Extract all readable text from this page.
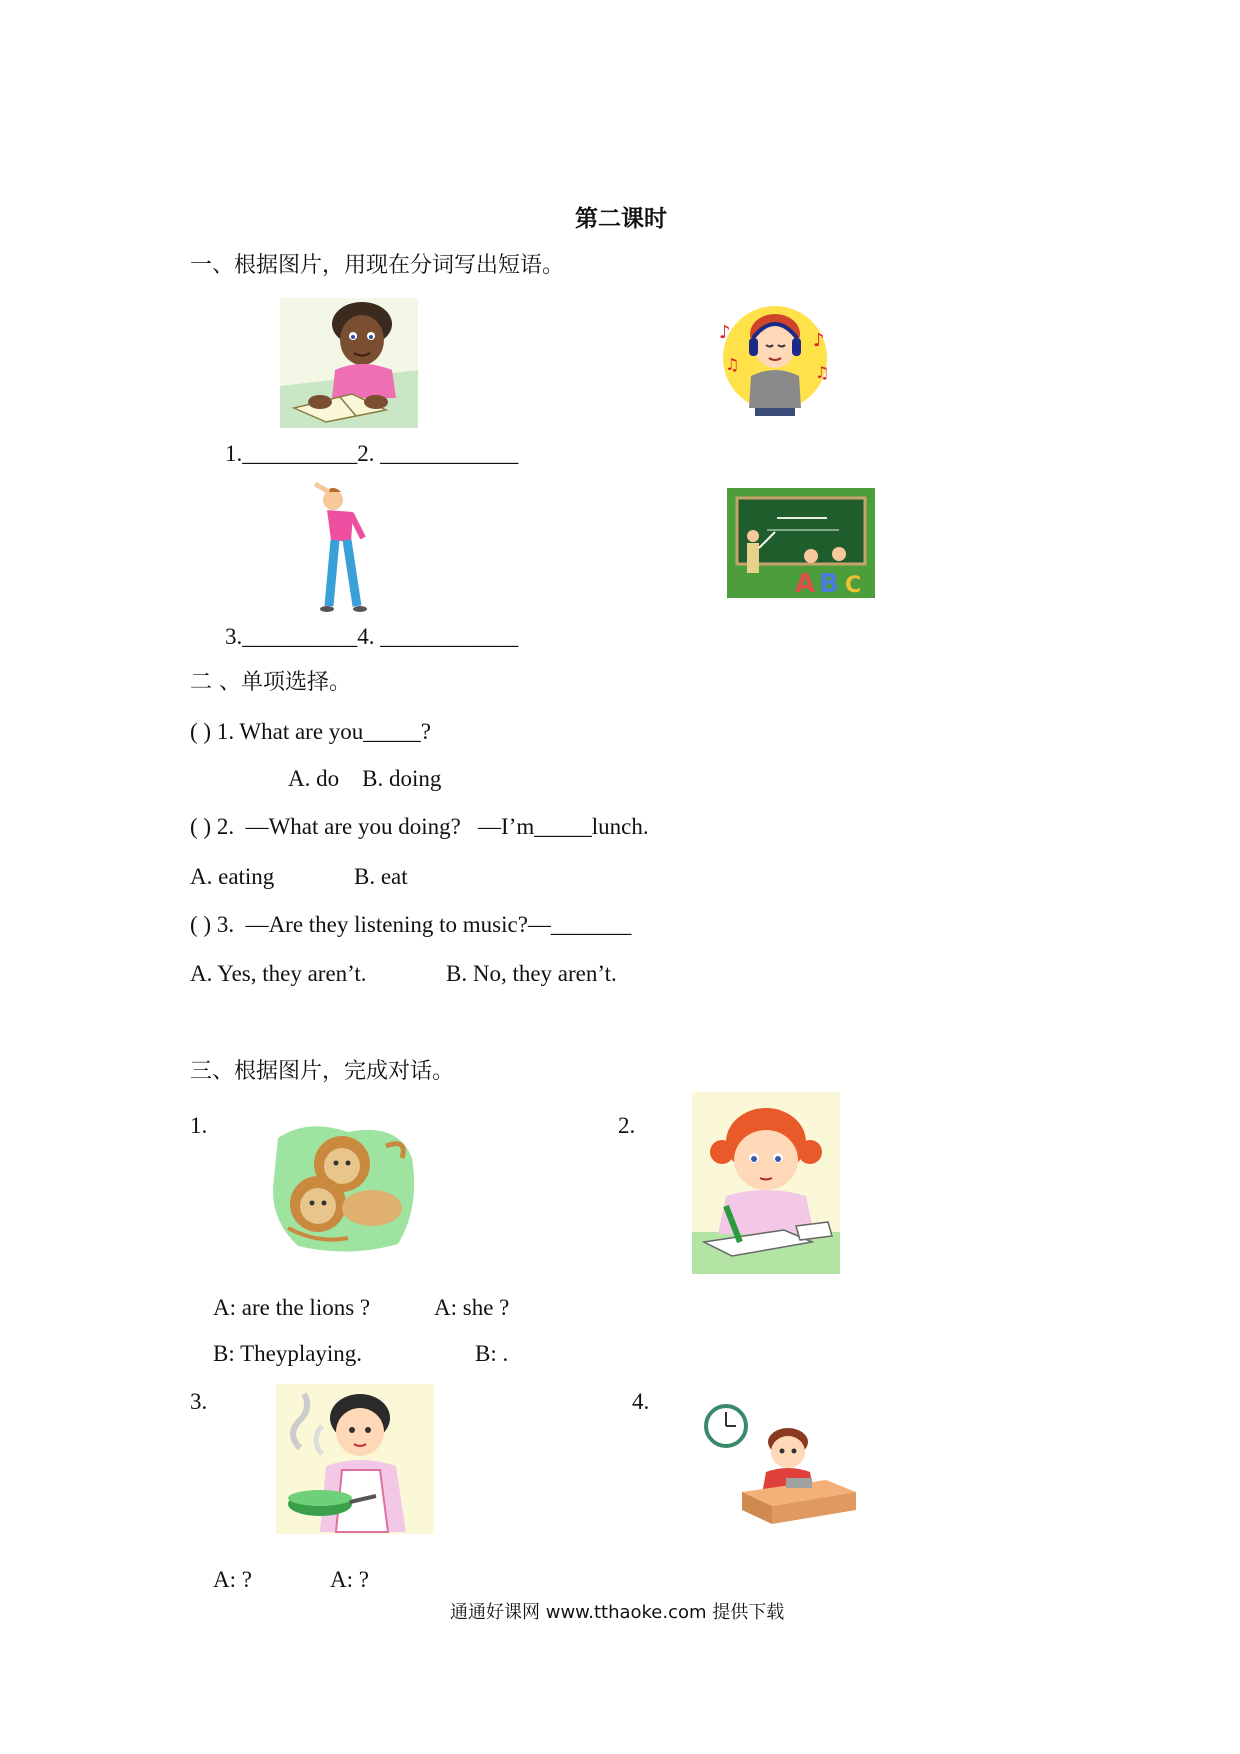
第二课时
一、根据图片，用现在分词写出短语。
♪
♫
♪
♫
1.__________2. ____________
A B C
3.__________4. ____________
二 、单项选择。
( ) 1. What are you_____?
A. do    B. doing
( ) 2.  —What are you doing?   —I’m_____lunch.
A. eating	B. eat
( ) 3.  —Are they listening to music?—_______
A. Yes, they aren’t.	B. No, they aren’t.
三、根据图片，完成对话。
1.	2.
A: are the lions ?
B: Theyplaying.
A: she ?
B: .
3.	4.
A: ?	A: ?
通通好课网 www.tthaoke.com 提供下载
